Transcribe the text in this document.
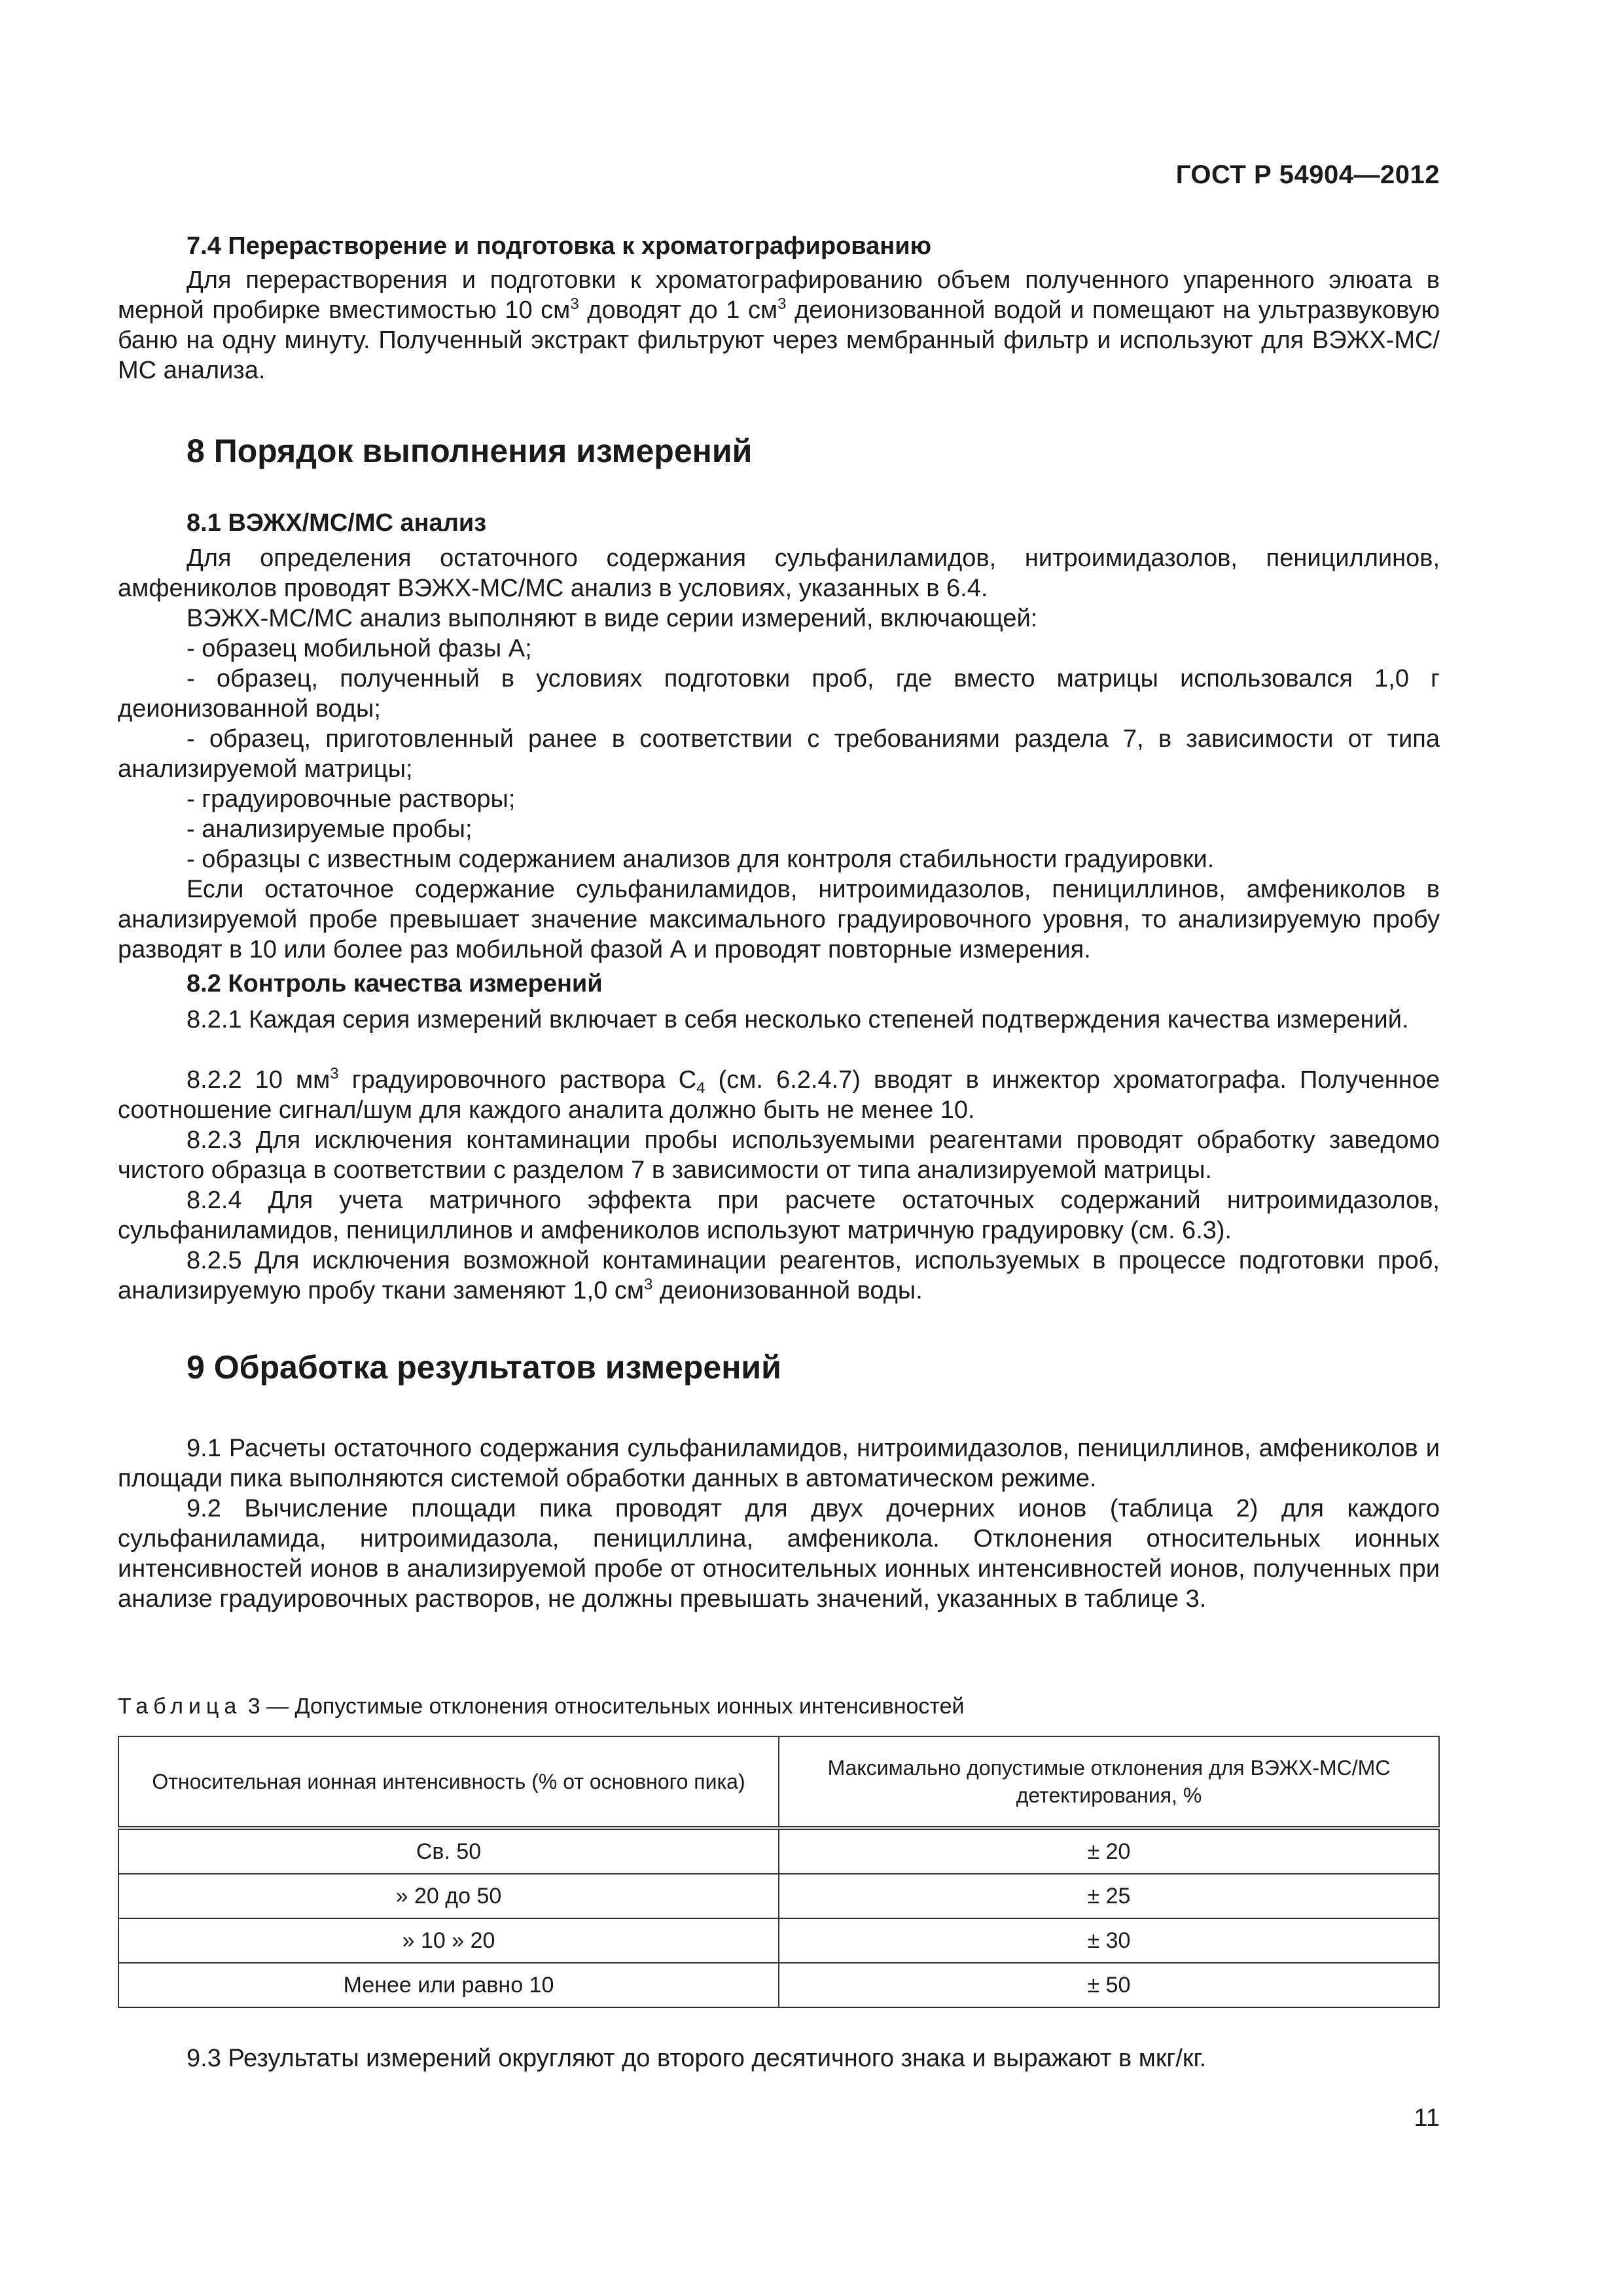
ГОСТ Р 54904—2012
7.4 Перерастворение и подготовка к хроматографированию
Для перерастворения и подготовки к хроматографированию объем полученного упаренного элюата в мерной пробирке вместимостью 10 $см^3$ доводят до 1 $см^3$ деионизованной водой и помещают на ультразвуковую баню на одну минуту. Полученный экстракт фильтруют через мембранный фильтр и используют для ВЭЖХ-МС/МС анализа.
8 Порядок выполнения измерений
8.1 ВЭЖХ/МС/МС анализ
Для определения остаточного содержания сульфаниламидов, нитроимидазолов, пенициллинов, амфениколов проводят ВЭЖХ-МС/МС анализ в условиях, указанных в 6.4.
ВЭЖХ-МС/МС анализ выполняют в виде серии измерений, включающей:
- образец мобильной фазы А;
- образец, полученный в условиях подготовки проб, где вместо матрицы использовался 1,0 г деионизованной воды;
- образец, приготовленный ранее в соответствии с требованиями раздела 7, в зависимости от типа анализируемой матрицы;
- градуировочные растворы;
- анализируемые пробы;
- образцы с известным содержанием анализов для контроля стабильности градуировки.
Если остаточное содержание сульфаниламидов, нитроимидазолов, пенициллинов, амфениколов в анализируемой пробе превышает значение максимального градуировочного уровня, то анализируемую пробу разводят в 10 или более раз мобильной фазой А и проводят повторные измерения.
8.2 Контроль качества измерений
8.2.1 Каждая серия измерений включает в себя несколько степеней подтверждения качества измерений.
8.2.2 10 $мм^3$ градуировочного раствора $С_4$ (см. 6.2.4.7) вводят в инжектор хроматографа. Полученное соотношение сигнал/шум для каждого аналита должно быть не менее 10.
8.2.3 Для исключения контаминации пробы используемыми реагентами проводят обработку заведомо чистого образца в соответствии с разделом 7 в зависимости от типа анализируемой матрицы.
8.2.4 Для учета матричного эффекта при расчете остаточных содержаний нитроимидазолов, сульфаниламидов, пенициллинов и амфениколов используют матричную градуировку (см. 6.3).
8.2.5 Для исключения возможной контаминации реагентов, используемых в процессе подготовки проб, анализируемую пробу ткани заменяют 1,0 $см^3$ деионизованной воды.
9 Обработка результатов измерений
9.1 Расчеты остаточного содержания сульфаниламидов, нитроимидазолов, пенициллинов, амфениколов и площади пика выполняются системой обработки данных в автоматическом режиме.
9.2 Вычисление площади пика проводят для двух дочерних ионов (таблица 2) для каждого сульфаниламида, нитроимидазола, пенициллина, амфеникола. Отклонения относительных ионных интенсивностей ионов в анализируемой пробе от относительных ионных интенсивностей ионов, полученных при анализе градуировочных растворов, не должны превышать значений, указанных в таблице 3.
Таблица 3 — Допустимые отклонения относительных ионных интенсивностей
Относительная ионная интенсивность (% от основного пика)	Максимально допустимые отклонения для ВЭЖХ-МС/МС детектирования, %
Св. 50	± 20
» 20 до 50	± 25
» 10 » 20	± 30
Менее или равно 10	± 50
9.3 Результаты измерений округляют до второго десятичного знака и выражают в мкг/кг.
11
